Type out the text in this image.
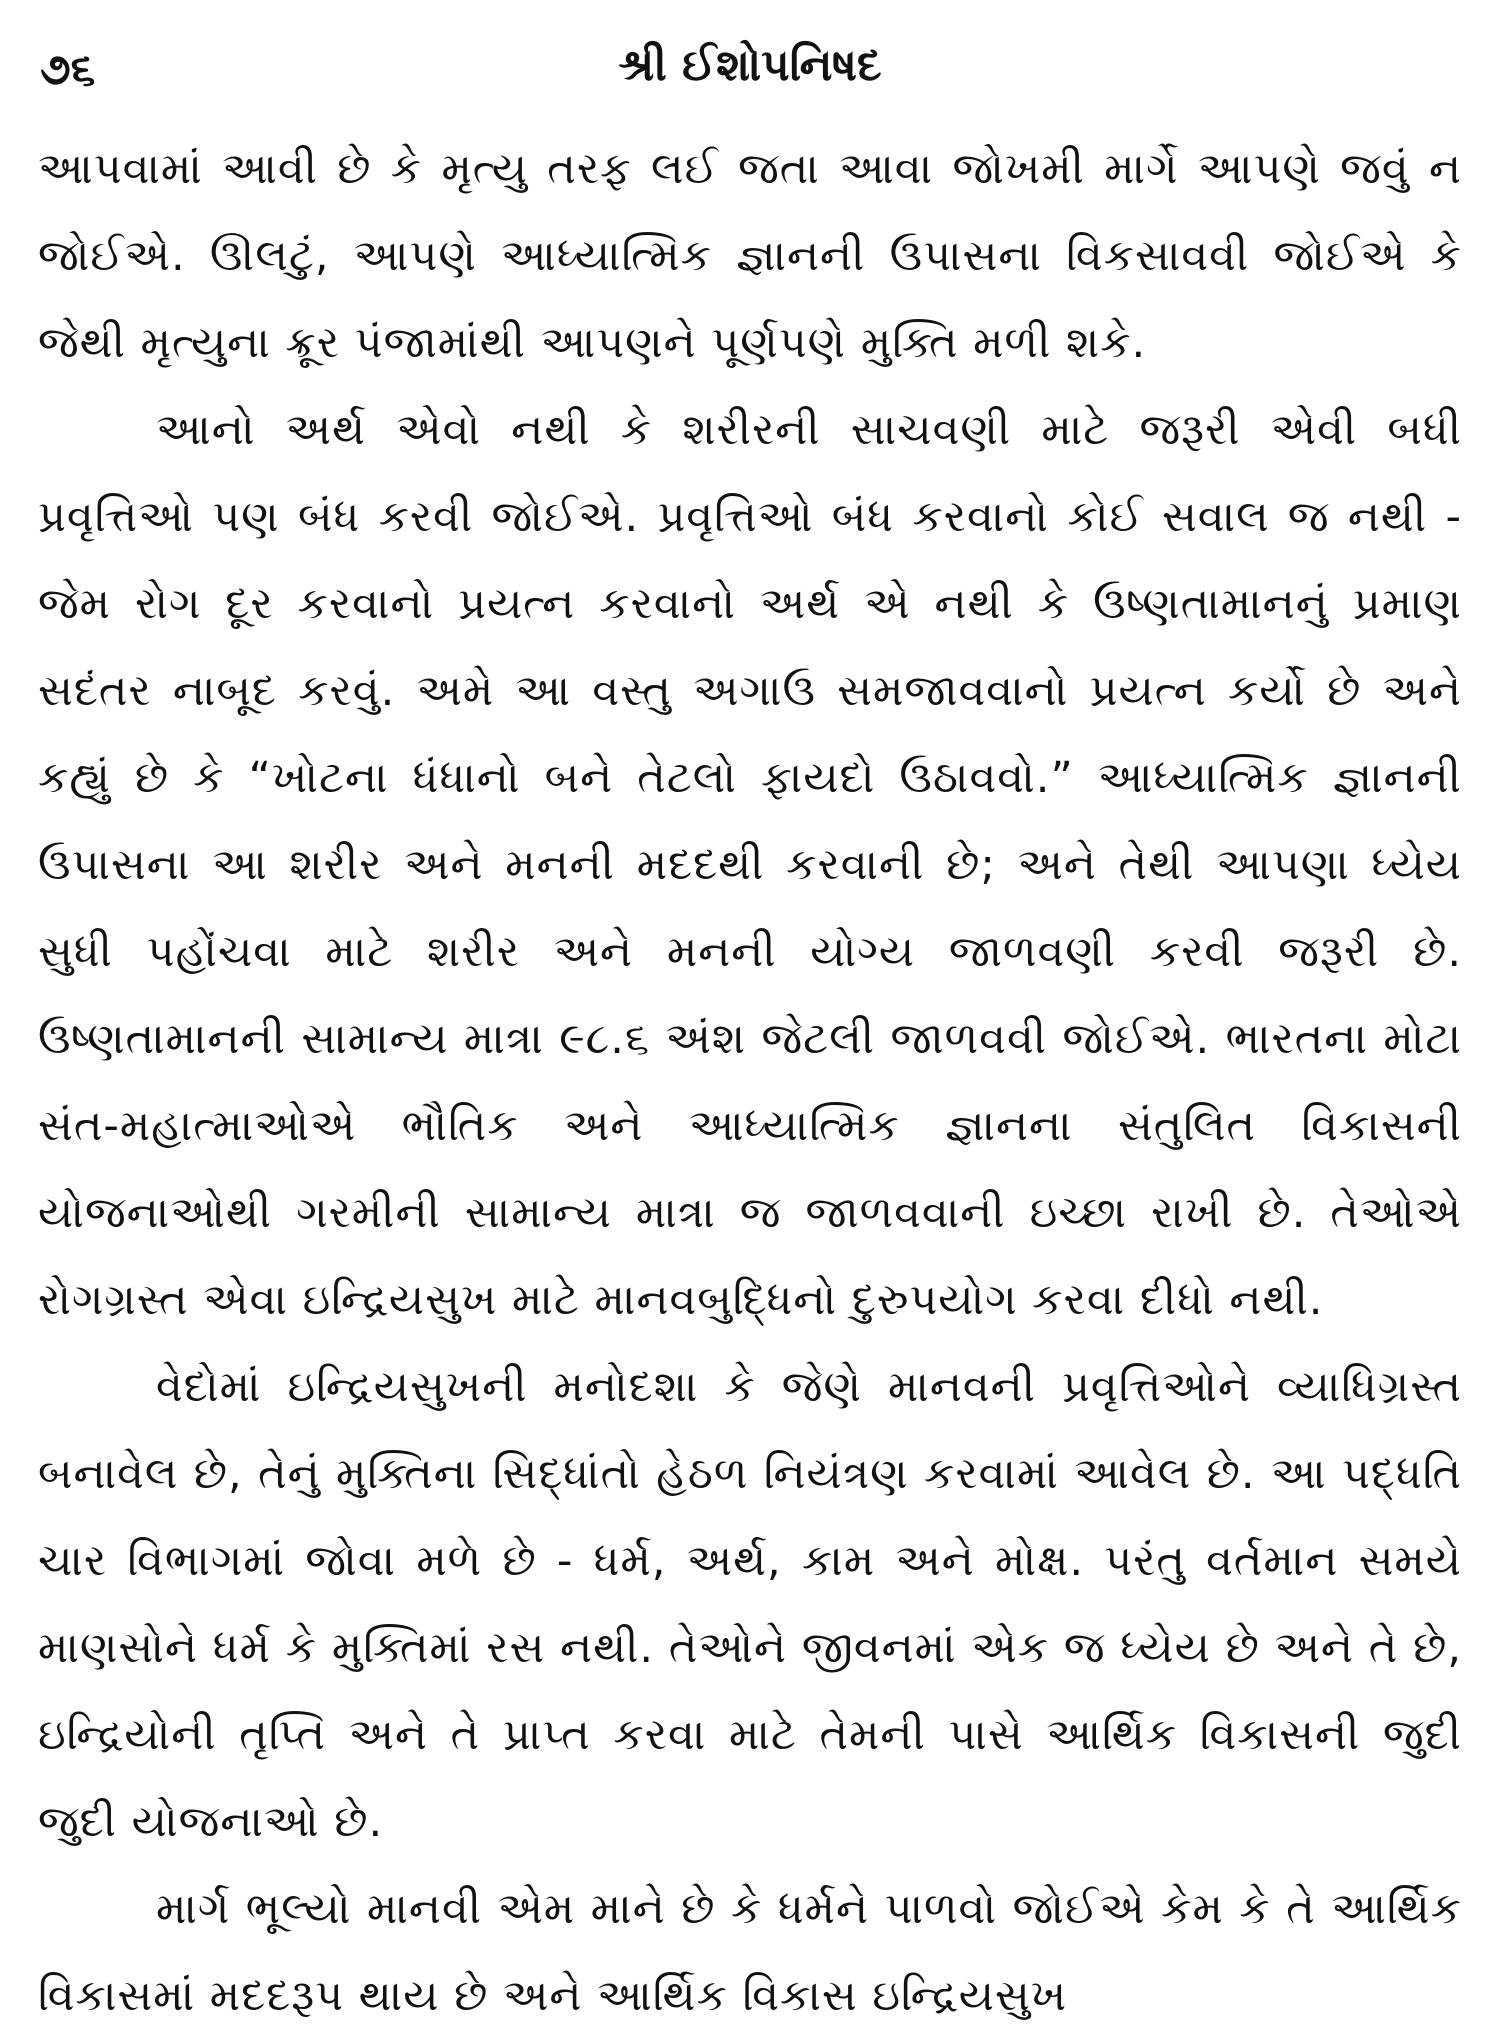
૭૬	શ્રી ઈશોપનિષદ

આપવામાં આવી છે કે મૃત્યુ તરફ લઈ જતા આવા જોખમી માર્ગે આપણે જવું ન જોઈએ. ઊલટું, આપણે આધ્યાત્મિક જ્ઞાનની ઉપાસના વિકસાવવી જોઈએ કે જેથી મૃત્યુના ક્રૂર પંજામાંથી આપણને પૂર્ણપણે મુક્તિ મળી શકે.

આનો અર્થ એવો નથી કે શરીરની સાચવણી માટે જરૂરી એવી બધી પ્રવૃત્તિઓ પણ બંધ કરવી જોઈએ. પ્રવૃત્તિઓ બંધ કરવાનો કોઈ સવાલ જ નથી - જેમ રોગ દૂર કરવાનો પ્રયત્ન કરવાનો અર્થ એ નથી કે ઉષ્ણતામાનનું પ્રમાણ સદંતર નાબૂદ કરવું. અમે આ વસ્તુ અગાઉ સમજાવવાનો પ્રયત્ન કર્યો છે અને કહ્યું છે કે “ખોટના ધંધાનો બને તેટલો ફાયદો ઉઠાવવો.” આધ્યાત્મિક જ્ઞાનની ઉપાસના આ શરીર અને મનની મદદથી કરવાની છે; અને તેથી આપણા ધ્યેય સુધી પહોંચવા માટે શરીર અને મનની યોગ્ય જાળવણી કરવી જરૂરી છે. ઉષ્ણતામાનની સામાન્ય માત્રા ૯૮.૬ અંશ જેટલી જાળવવી જોઈએ. ભારતના મોટા સંત-મહાત્માઓએ ભૌતિક અને આધ્યાત્મિક જ્ઞાનના સંતુલિત વિકાસની યોજનાઓથી ગરમીની સામાન્ય માત્રા જ જાળવવાની ઇચ્છા રાખી છે. તેઓએ રોગગ્રસ્ત એવા ઇન્દ્રિયસુખ માટે માનવબુદ્ધિનો દુરુપયોગ કરવા દીધો નથી.

વેદોમાં ઇન્દ્રિયસુખની મનોદશા કે જેણે માનવની પ્રવૃત્તિઓને વ્યાધિગ્રસ્ત બનાવેલ છે, તેનું મુક્તિના સિદ્ધાંતો હેઠળ નિયંત્રણ કરવામાં આવેલ છે. આ પદ્ધતિ ચાર વિભાગમાં જોવા મળે છે - ધર્મ, અર્થ, કામ અને મોક્ષ. પરંતુ વર્તમાન સમયે માણસોને ધર્મ કે મુક્તિમાં રસ નથી. તેઓને જીવનમાં એક જ ધ્યેય છે અને તે છે, ઇન્દ્રિયોની તૃપ્તિ અને તે પ્રાપ્ત કરવા માટે તેમની પાસે આર્થિક વિકાસની જુદી જુદી યોજનાઓ છે.

માર્ગ ભૂલ્યો માનવી એમ માને છે કે ધર્મને પાળવો જોઈએ કેમ કે તે આર્થિક વિકાસમાં મદદરૂપ થાય છે અને આર્થિક વિકાસ ઇન્દ્રિયસુખ
